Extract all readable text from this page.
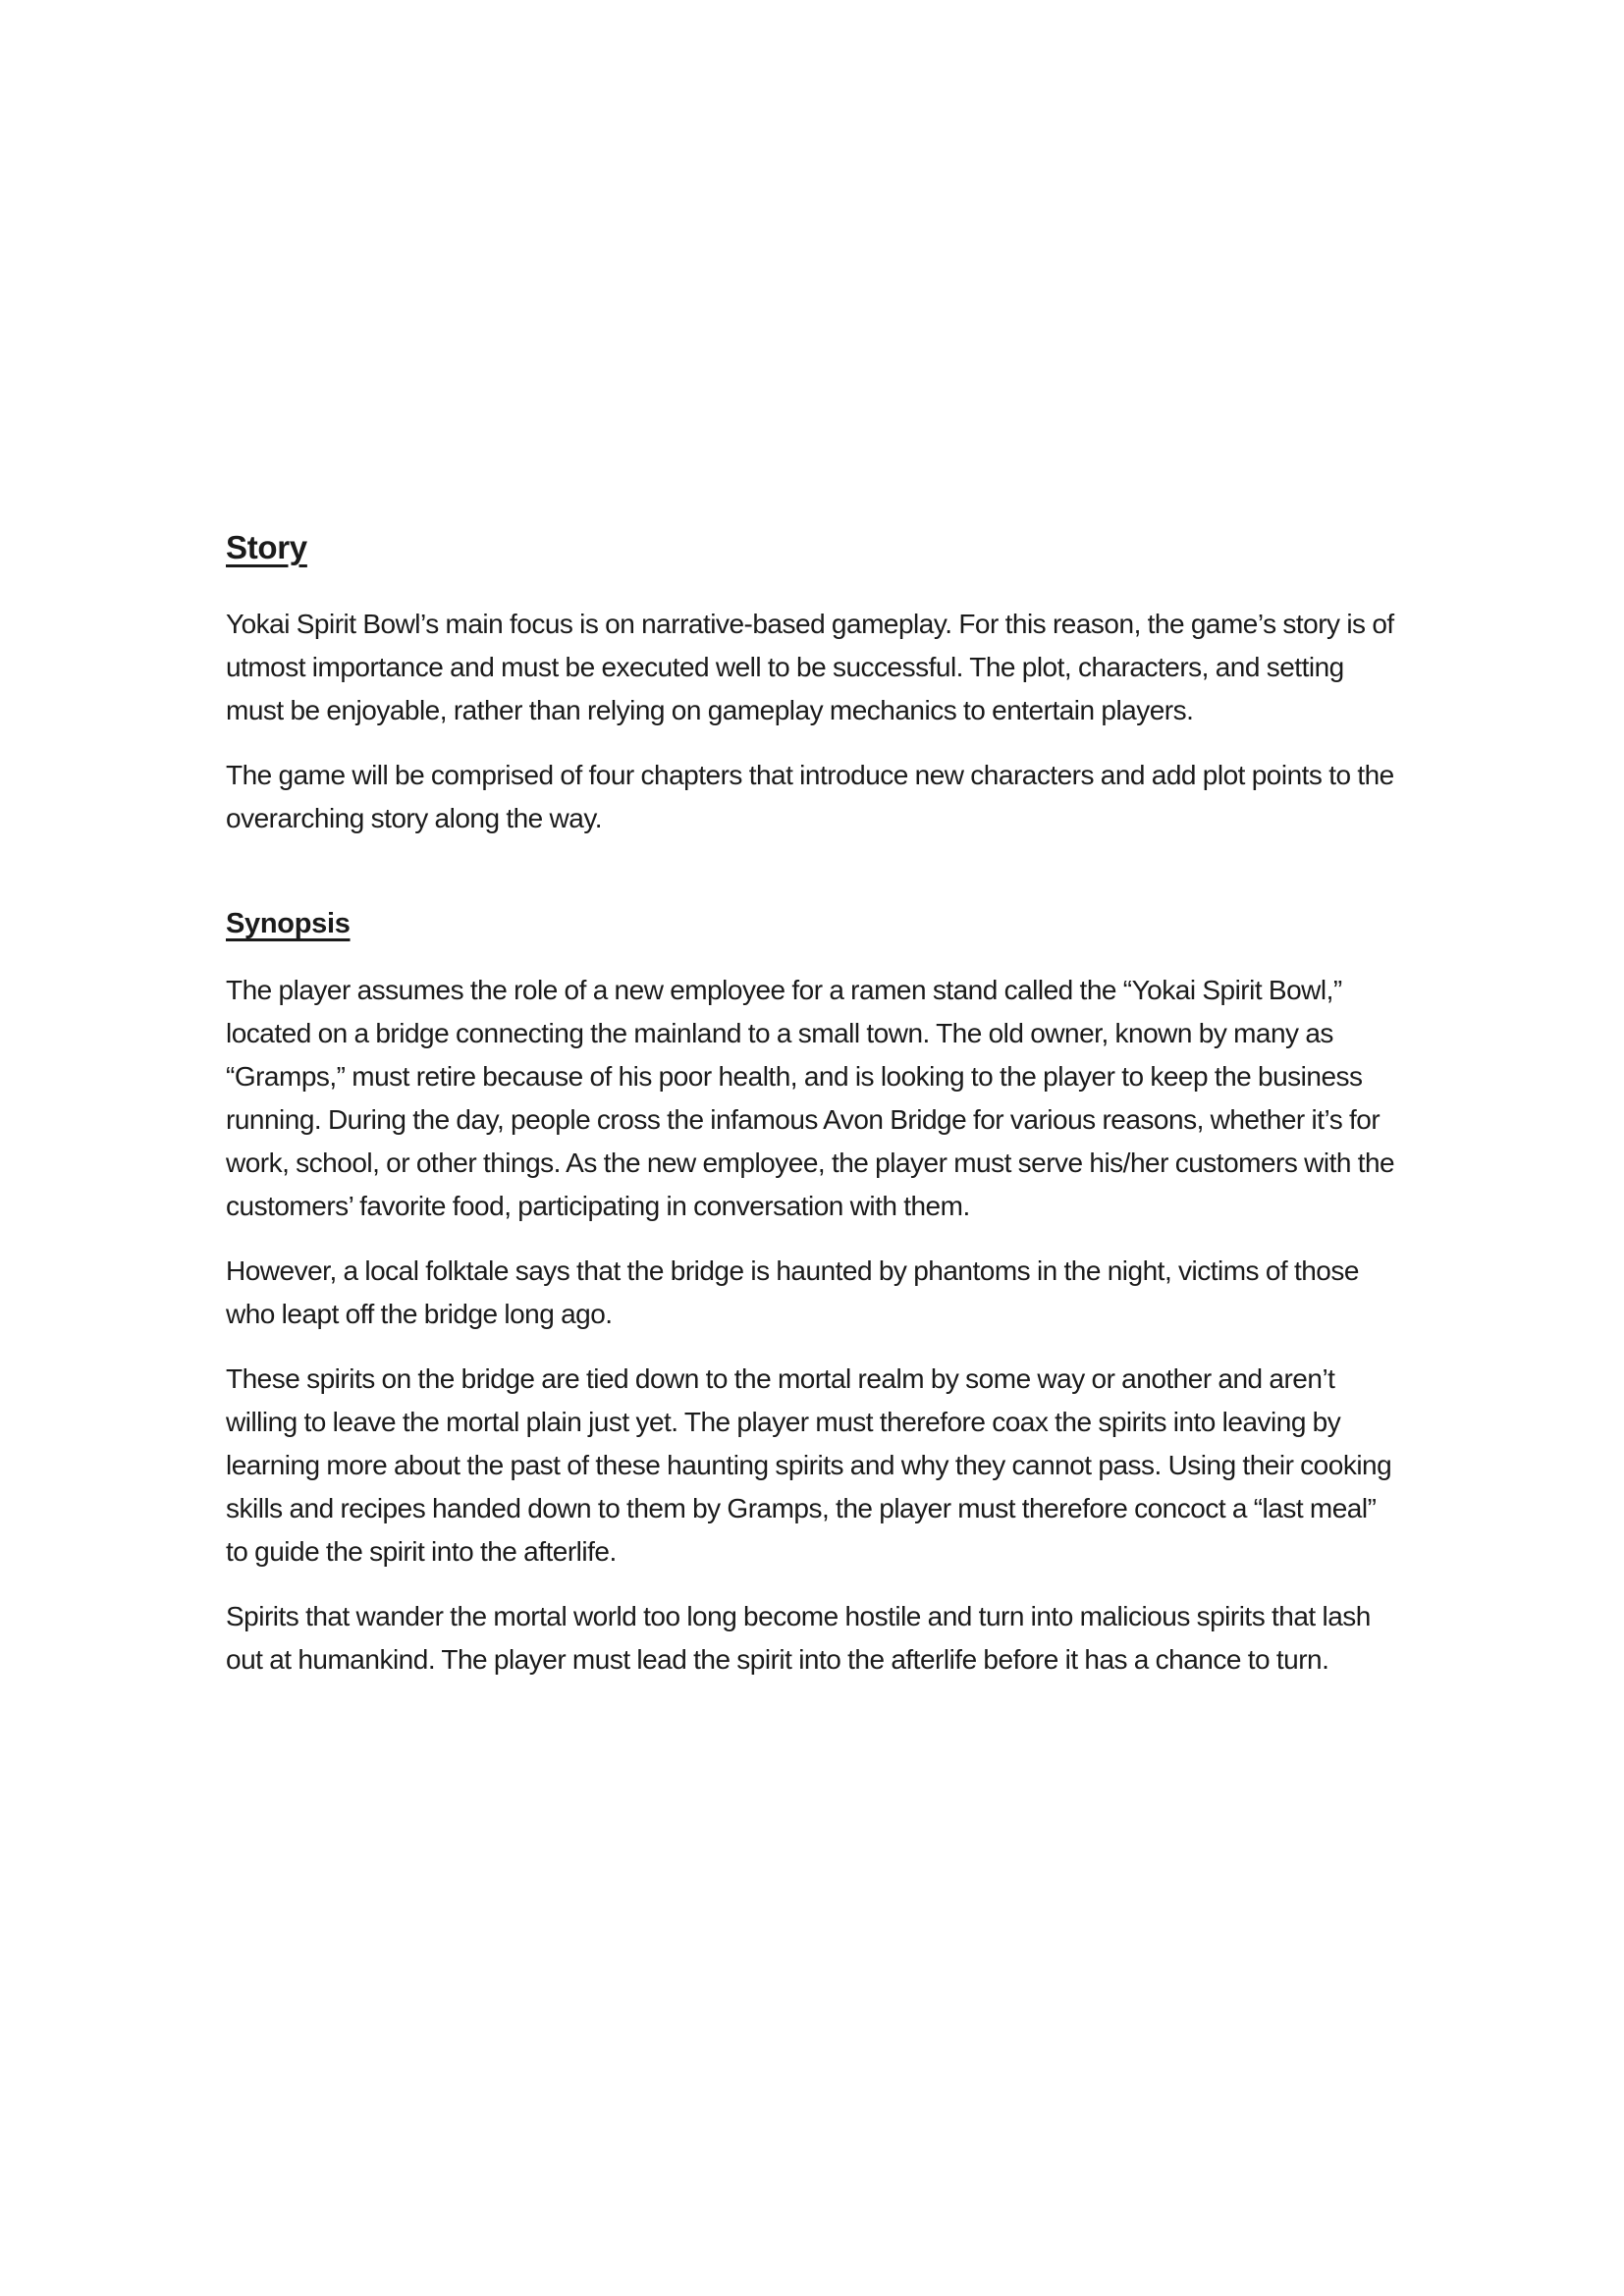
Story

Yokai Spirit Bowl’s main focus is on narrative-based gameplay. For this reason, the game’s story is of utmost importance and must be executed well to be successful. The plot, characters, and setting must be enjoyable, rather than relying on gameplay mechanics to entertain players.

The game will be comprised of four chapters that introduce new characters and add plot points to the overarching story along the way.

Synopsis

The player assumes the role of a new employee for a ramen stand called the “Yokai Spirit Bowl,” located on a bridge connecting the mainland to a small town. The old owner, known by many as “Gramps,” must retire because of his poor health, and is looking to the player to keep the business running. During the day, people cross the infamous Avon Bridge for various reasons, whether it’s for work, school, or other things. As the new employee, the player must serve his/her customers with the customers’ favorite food, participating in conversation with them.

However, a local folktale says that the bridge is haunted by phantoms in the night, victims of those who leapt off the bridge long ago.

These spirits on the bridge are tied down to the mortal realm by some way or another and aren’t willing to leave the mortal plain just yet. The player must therefore coax the spirits into leaving by learning more about the past of these haunting spirits and why they cannot pass. Using their cooking skills and recipes handed down to them by Gramps, the player must therefore concoct a “last meal” to guide the spirit into the afterlife.

Spirits that wander the mortal world too long become hostile and turn into malicious spirits that lash out at humankind. The player must lead the spirit into the afterlife before it has a chance to turn.
